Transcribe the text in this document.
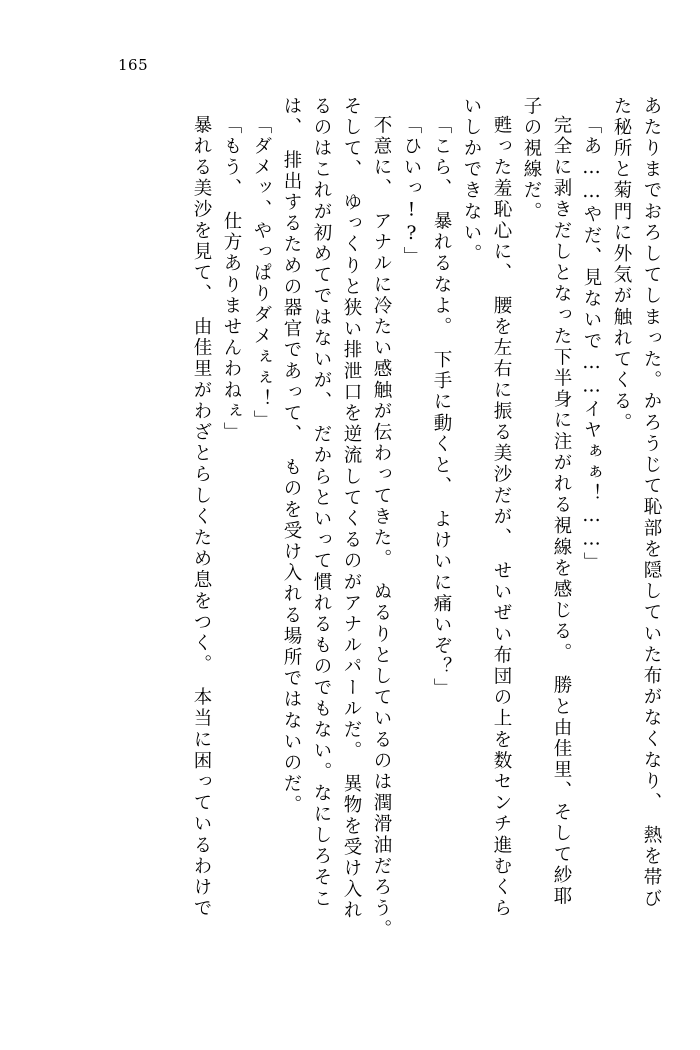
165

あたりまでおろしてしまった。かろうじて恥部を隠していた布がなくなり、　熱を帯び

た秘所と菊門に外気が触れてくる。

「あ……やだ、見ないで……イヤぁぁ！……」

完全に剥きだしとなった下半身に注がれる視線を感じる。　勝と由佳里、そして紗耶

子の視線だ。

甦った羞恥心に、　腰を左右に振る美沙だが、　せいぜい布団の上を数センチ進むくら

いしかできない。

「こら、　暴れるなよ。　下手に動くと、　よけいに痛いぞ？」

「ひいっ!?」

不意に、　アナルに冷たい感触が伝わってきた。　ぬるりとしているのは潤滑油だろう。

そして、　ゆっくりと狭い排泄口を逆流してくるのがアナルパールだ。　異物を受け入れ

るのはこれが初めてではないが、　だからといって慣れるものでもない。なにしろそこ

は、　排出するための器官であって、　ものを受け入れる場所ではないのだ。

「ダメッ、やっぱりダメぇぇ！」

「もう、　仕方ありませんわねぇ」

暴れる美沙を見て、　由佳里がわざとらしくため息をつく。　本当に困っているわけで
